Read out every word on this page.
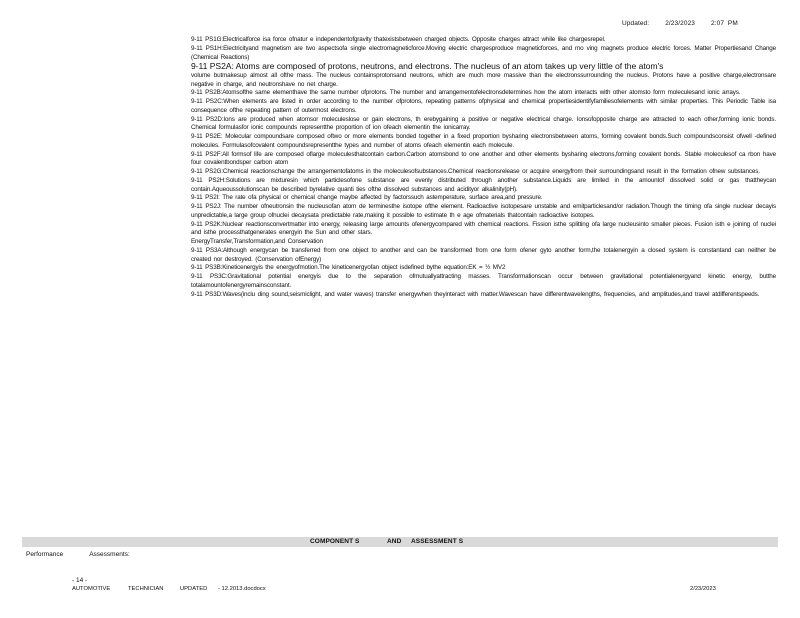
Updated: 2/23/2023 2:07  PM

9-11 PS1G:Electricalforce isa force ofnatur e independentofgravity thatexistsbetween charged objects. Opposite charges attract while like chargesrepel.

9-11 PS1H:Electricityand magnetism are two aspectsofa single electromagneticforce.Moving electric chargesproduce magneticforces, and mo ving magnets produce electric forces. Matter Propertiesand Change (Chemical Reactions)

9-11 PS2A: Atoms are composed of protons, neutrons, and electrons. The nucleus of an atom takes up very little of the atom's

volume butmakesup almost all ofthe mass. The nucleus containsprotonsand neutrons, which are much more massive than the electronssurrounding the nucleus. Protons have a positive charge,electronsare negative in charge, and neutronshave no net charge.

9-11 PS2B:Atomsofthe same elementhave the same number ofprotons. The number and arrangementofelectronsdetermines how the atom interacts with other atomsto form moleculesand ionic arrays.

9-11 PS2C:When elements are listed in order according to the number ofprotons, repeating patterns ofphysical and chemical propertiesidentifyfamiliesofelements with similar properties. This Periodic Table isa consequence ofthe repeating pattern of outermost electrons.

9-11 PS2D:Ions are produced when atomsor moleculeslose or gain electrons, th erebygaining a positive or negative electrical charge. Ionsofopposite charge are attracted to each other,forming ionic bonds. Chemical formulasfor ionic compounds representthe proportion of ion ofeach elementin the ionicarray.

9-11 PS2E: Molecular compoundsare composed oftwo or more elements bonded together in a fixed proportion bysharing electronsbetween atoms, forming covalent bonds.Such compoundsconsist ofwell -defined molecules. Formulasofcovalent compoundsrepresentthe types and number of atoms ofeach elementin each molecule.

9-11 PS2F:All formsof life are composed oflarge moleculesthatcontain carbon.Carbon atomsbond to one another and other elements bysharing electrons,forming covalent bonds. Stable moleculesof ca rbon have four covalentbondsper carbon atom

9-11 PS2G:Chemical reactionschange the arrangementofatoms in the moleculesofsubstances.Chemical reactionsrelease or acquire energyfrom their surroundingsand result in the formation ofnew substances.

9-11 PS2H:Solutions are mixturesin which particlesofone substance are evenly distributed through another substance.Liquids are limited in the amountof dissolved solid or gas thattheycan contain.Aqueoussolutionscan be described byrelative quanti ties ofthe dissolved substances and acidityor alkalinity(pH).

9-11 PS2I: The rate ofa physical or chemical change maybe affected by factorssuch astemperature, surface area,and pressure.

9-11 PS2J: The number ofneutronsin the nucleusofan atom de terminesthe isotope ofthe element. Radioactive isotopesare unstable and emitparticlesand/or radiation.Though the timing ofa single nuclear decayis unpredictable,a large group ofnuclei decaysata predictable rate,making it possible to estimate th e age ofmaterials thatcontain radioactive isotopes.

9-11 PS2K:Nuclear reactionsconvertmatter into energy, releasing large amounts ofenergycompared with chemical reactions. Fission isthe splitting ofa large nucleusinto smaller pieces. Fusion isth e joining of nuclei and isthe processthatgenerates energyin the Sun and other stars.

EnergyTransfer,Transformation,and Conservation

9-11 PS3A:Although energycan be transferred from one object to another and can be transformed from one form ofener gyto another form,the totalenergyin a closed system is constantand can neither be created nor destroyed. (Conservation ofEnergy)

9-11 PS3B:Kineticenergyis the energyofmotion.The kineticenergyofan object isdefined bythe equation:EK = ½ MV2

9-11 PS3C:Gravitational potential energyis due to the separation ofmutuallyattracting masses. Transformationscan occur between gravitational potentialenergyand kinetic energy, butthe totalamountofenergyremainsconstant.

9-11 PS3D:Waves(inclu ding sound,seismiclight, and water waves) transfer energywhen theyinteract with matter.Wavescan have differentwavelengths, frequencies, and amplitudes,and travel atdifferentspeeds.

COMPONENT S	AND ASSESSMENT S
Performance	Assessments:
- 14 -
AUTOMOTIVE	TECHNICIAN	UPDATED - 12.2013.docdocx	2/23/2023
